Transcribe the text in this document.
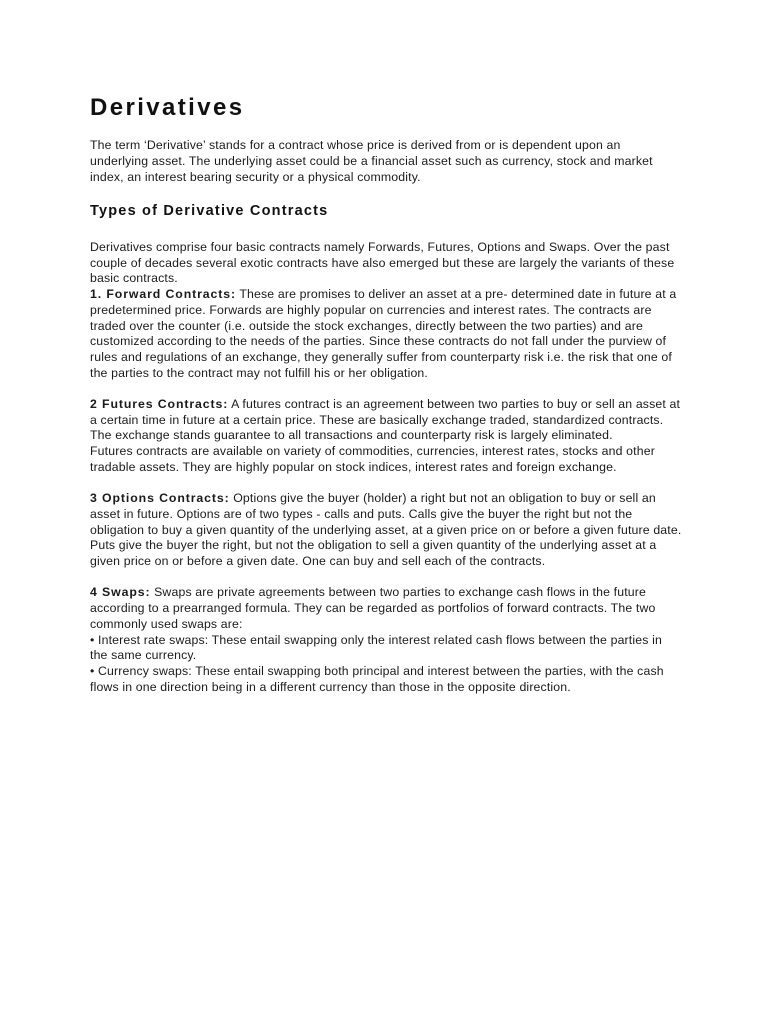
Derivatives

The term ‘Derivative’ stands for a contract whose price is derived from or is dependent upon an underlying asset. The underlying asset could be a financial asset such as currency, stock and market index, an interest bearing security or a physical commodity.

Types of Derivative Contracts

Derivatives comprise four basic contracts namely Forwards, Futures, Options and Swaps. Over the past couple of decades several exotic contracts have also emerged but these are largely the variants of these basic contracts.

1. Forward Contracts: These are promises to deliver an asset at a pre- determined date in future at a predetermined price. Forwards are highly popular on currencies and interest rates. The contracts are traded over the counter (i.e. outside the stock exchanges, directly between the two parties) and are customized according to the needs of the parties. Since these contracts do not fall under the purview of rules and regulations of an exchange, they generally suffer from counterparty risk i.e. the risk that one of the parties to the contract may not fulfill his or her obligation.

2 Futures Contracts: A futures contract is an agreement between two parties to buy or sell an asset at a certain time in future at a certain price. These are basically exchange traded, standardized contracts. The exchange stands guarantee to all transactions and counterparty risk is largely eliminated.

Futures contracts are available on variety of commodities, currencies, interest rates, stocks and other tradable assets. They are highly popular on stock indices, interest rates and foreign exchange.

3 Options Contracts: Options give the buyer (holder) a right but not an obligation to buy or sell an asset in future. Options are of two types - calls and puts. Calls give the buyer the right but not the obligation to buy a given quantity of the underlying asset, at a given price on or before a given future date. Puts give the buyer the right, but not the obligation to sell a given quantity of the underlying asset at a given price on or before a given date. One can buy and sell each of the contracts.

4 Swaps: Swaps are private agreements between two parties to exchange cash flows in the future according to a prearranged formula. They can be regarded as portfolios of forward contracts. The two commonly used swaps are:

• Interest rate swaps: These entail swapping only the interest related cash flows between the parties in the same currency.

• Currency swaps: These entail swapping both principal and interest between the parties, with the cash flows in one direction being in a different currency than those in the opposite direction.
